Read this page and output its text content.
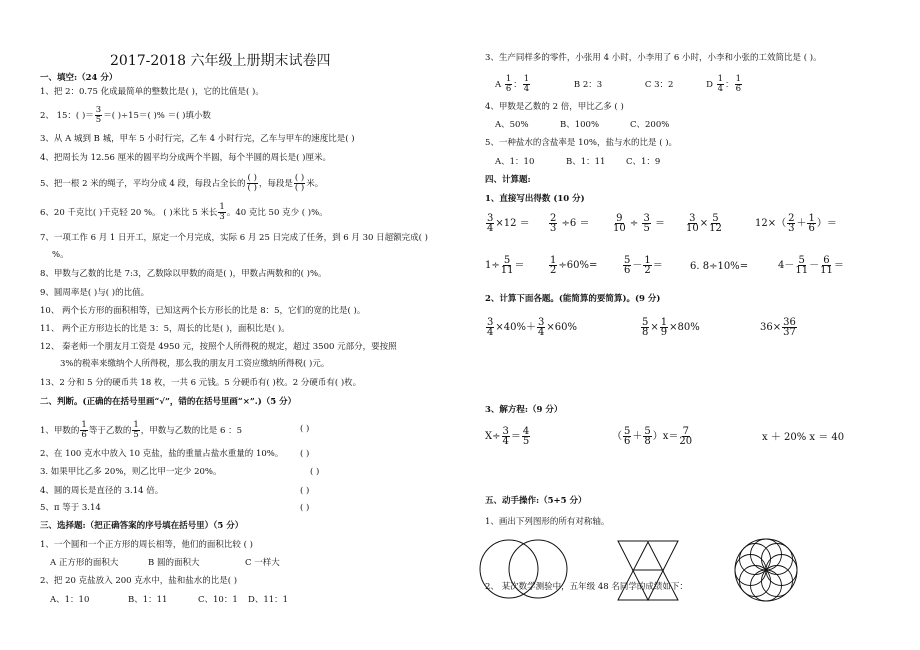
2017-2018 六年级上册期末试卷四
一、填空:（24 分）
1、把 2：0.75 化成最简单的整数比是( )，它的比值是( )。
2、 15：( )＝ $\frac{3}{5}$ ＝( )÷15＝( )% ＝( )填小数
3、从 A 城到 B 城，甲车 5 小时行完，乙车 4 小时行完，乙车与甲车的速度比是( )
4、把周长为 12.56 厘米的圆平均分成两个半圆，每个半圆的周长是( )厘米。
5、把一根 2 米的绳子，平均分成 4 段，每段占全长的
( )
( ) ，每段是
( )
( ) 米。
6、20 千克比( )千克轻 20 %。 ( )米比 5 米长 $\frac{1}{3}$ 。40 克比 50 克少 ( )%。
7、一项工作 6 月 1 日开工，原定一个月完成，实际 6 月 25 日完成了任务，到 6 月 30 日超额完成( )
%。
8、甲数与乙数的比是 7:3，乙数除以甲数的商是( )，甲数占两数和的( )%。
9、圆周率是( )与( )的比值。
10、 两个长方形的面积相等，已知这两个长方形长的比是 8：5，它们的宽的比是( )。
11、 两个正方形边长的比是 3：5，周长的比是( )，面积比是( )。
12、 秦老师一个朋友月工资是 4950 元，按照个人所得税的规定，超过 3500 元部分，要按照
3%的税率来缴纳个人所得税，那么我的朋友月工资应缴纳所得税( )元。
13、2 分和 5 分的硬币共 18 枚，一共 6 元钱。5 分硬币有( )枚。2 分硬币有( )枚。
二、判断。(正确的在括号里画“√”，错的在括号里画“×”.)（5 分）
1、甲数的 $\frac{1}{6}$ 等于乙数的 $\frac{1}{5}$ ，甲数与乙数的比是 6 ：5	( )
2、在 100 克水中放入 10 克盐，盐的重量占盐水重量的 10%。 ( )
3. 如果甲比乙多 20%，则乙比甲一定少 20%。	( )
4、圆的周长是直径的 3.14 倍。	( )
5、π 等于 3.14	( )
三、选择题:（把正确答案的序号填在括号里）（5 分）
1、一个圆和一个正方形的周长相等，他们的面积比较 ( )
A 正方形的面积大	B 圆的面积大	C 一样大
2、把 20 克盐放入 200 克水中，盐和盐水的比是( )
A、1：10	B、1：11	C、10：1 D、11：1
3、生产同样多的零件，小张用 4 小时，小李用了 6 小时，小李和小张的工效简比是 ( )。
A $\frac{1}{6}$ ： $\frac{1}{4}$	B 2：3	C 3：2	D $\frac{1}{4}$ ： $\frac{1}{6}$
4、甲数是乙数的 2 倍，甲比乙多 ( )
A、50%	B、100%	C、200%
5、一种盐水的含盐率是 10%，盐与水的比是 ( )。
A、1：10	B、1：11 C、1：9
四、计算题:
1、直接写出得数 (10 分)
$\frac{3}{4} \times 12 = \frac{2}{3} \div 6 = \frac{9}{10} \div \frac{3}{5} = \frac{3}{10} \times \frac{5}{12}$	$12\times( \frac{2}{3} + \frac{1}{6}$ ）＝
$1\div \frac{5}{11} = \frac{1}{2} \div 60\%=$	$\frac{5}{6} - \frac{1}{2}$ ＝	6. 8÷10%=	$4- \frac{5}{11} - \frac{6}{11}$ ＝
2、计算下面各题。(能简算的要简算)。(9 分)
$\frac{3}{4} \times 40\%+ \frac{3}{4} \times 60\%$	$\frac{5}{8} \times \frac{1}{9} \times 80\%$	$36\times \frac{36}{37}$
3、解方程:（9 分）
$X\div \frac{3}{4} = \frac{4}{5}$	（ $\frac{5}{6} + \frac{5}{8} )x= \frac{7}{20}$	x ＋ 20% x ＝ 40
五、动手操作:（5+5 分）
1、画出下列图形的所有对称轴。
2、 某次数学测验中，五年级 48 名同学的成绩如下：
